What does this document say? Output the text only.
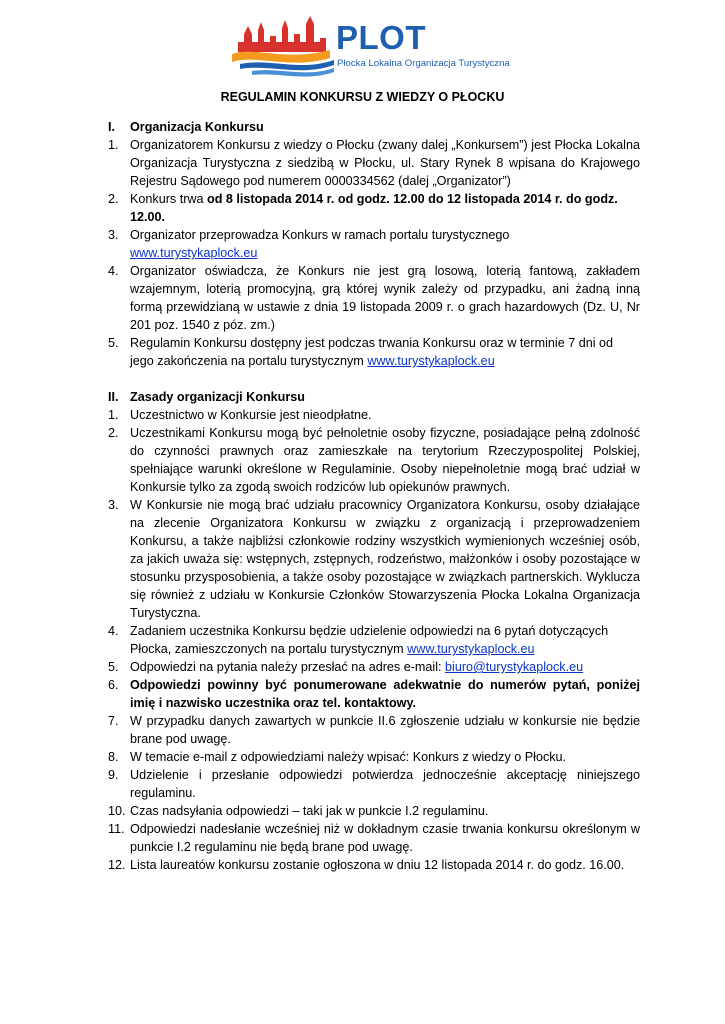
PLOT
Płocka Lokalna Organizacja Turystyczna
REGULAMIN KONKURSU Z WIEDZY O PŁOCKU
I.	Organizacja Konkursu
1. Organizatorem Konkursu z wiedzy o Płocku (zwany dalej „Konkursem”) jest Płocka Lokalna Organizacja Turystyczna z siedzibą w Płocku, ul. Stary Rynek 8 wpisana do Krajowego Rejestru Sądowego pod numerem 0000334562 (dalej „Organizator”)
2. Konkurs trwa od 8 listopada 2014 r. od godz. 12.00 do 12 listopada 2014 r. do godz. 12.00.
3. Organizator przeprowadza Konkurs w ramach portalu turystycznego www.turystykaplock.eu
4. Organizator oświadcza, że Konkurs nie jest grą losową, loterią fantową, zakładem wzajemnym, loterią promocyjną, grą której wynik zależy od przypadku, ani żadną inną formą przewidzianą w ustawie z dnia 19 listopada 2009 r. o grach hazardowych (Dz. U, Nr 201 poz. 1540 z póz. zm.)
5. Regulamin Konkursu dostępny jest podczas trwania Konkursu oraz w terminie 7 dni od jego zakończenia na portalu turystycznym www.turystykaplock.eu
II. Zasady organizacji Konkursu
1. Uczestnictwo w Konkursie jest nieodpłatne.
2. Uczestnikami Konkursu mogą być pełnoletnie osoby fizyczne, posiadające pełną zdolność do czynności prawnych oraz zamieszkałe na terytorium Rzeczypospolitej Polskiej, spełniające warunki określone w Regulaminie. Osoby niepełnoletnie mogą brać udział w Konkursie tylko za zgodą swoich rodziców lub opiekunów prawnych.
3. W Konkursie nie mogą brać udziału pracownicy Organizatora Konkursu, osoby działające na zlecenie Organizatora Konkursu w związku z organizacją i przeprowadzeniem Konkursu, a także najbliżsi członkowie rodziny wszystkich wymienionych wcześniej osób, za jakich uważa się: wstępnych, zstępnych, rodzeństwo, małżonków i osoby pozostające w stosunku przysposobienia, a także osoby pozostające w związkach partnerskich. Wyklucza się również z udziału w Konkursie Członków Stowarzyszenia Płocka Lokalna Organizacja Turystyczna.
4. Zadaniem uczestnika Konkursu będzie udzielenie odpowiedzi na 6 pytań dotyczących Płocka, zamieszczonych na portalu turystycznym www.turystykaplock.eu
5. Odpowiedzi na pytania należy przesłać na adres e-mail: biuro@turystykaplock.eu
6. Odpowiedzi powinny być ponumerowane adekwatnie do numerów pytań, poniżej imię i nazwisko uczestnika oraz tel. kontaktowy.
7. W przypadku danych zawartych w punkcie II.6 zgłoszenie udziału w konkursie nie będzie brane pod uwagę.
8. W temacie e-mail z odpowiedziami należy wpisać: Konkurs z wiedzy o Płocku.
9. Udzielenie i przesłanie odpowiedzi potwierdza jednocześnie akceptację niniejszego regulaminu.
10. Czas nadsyłania odpowiedzi – taki jak w punkcie I.2 regulaminu.
11. Odpowiedzi nadesłanie wcześniej niż w dokładnym czasie trwania konkursu określonym w punkcie I.2 regulaminu nie będą brane pod uwagę.
12. Lista laureatów konkursu zostanie ogłoszona w dniu 12 listopada 2014 r. do godz. 16.00.
